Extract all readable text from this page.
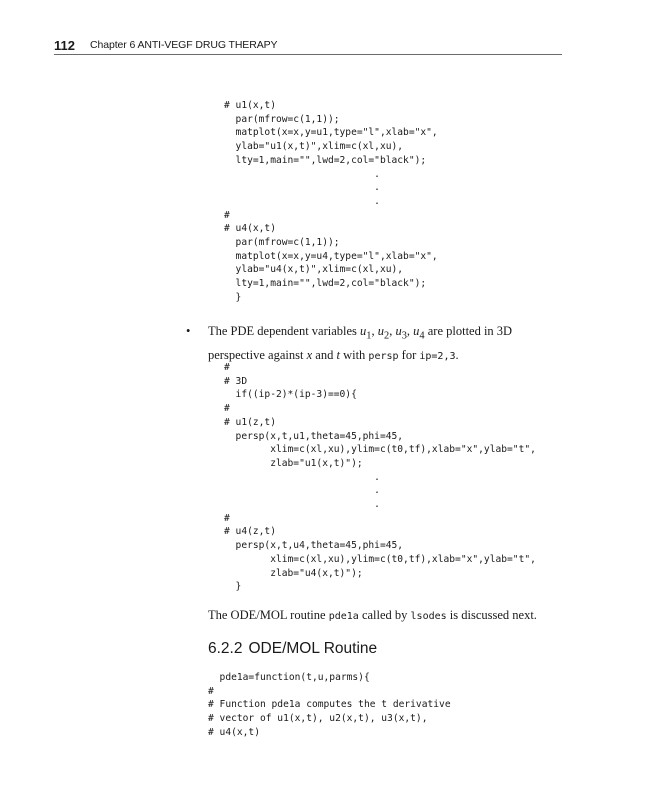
112 Chapter 6 ANTI-VEGF DRUG THERAPY
# u1(x,t)
par(mfrow=c(1,1));
matplot(x=x,y=u1,type="l",xlab="x",
ylab="u1(x,t)",xlim=c(xl,xu),
lty=1,main="",lwd=2,col="black");
.
.
.
#
# u4(x,t)
par(mfrow=c(1,1));
matplot(x=x,y=u4,type="l",xlab="x",
ylab="u4(x,t)",xlim=c(xl,xu),
lty=1,main="",lwd=2,col="black");
}
• The PDE dependent variables $u_1$, $u_2$, $u_3$, $u_4$ are plotted in 3D perspective against x and t with persp for ip=2,3.
#
# 3D
if((ip-2)*(ip-3)==0){
#
# u1(z,t)
persp(x,t,u1,theta=45,phi=45,
xlim=c(xl,xu),ylim=c(t0,tf),xlab="x",ylab="t",
zlab="u1(x,t)");
.
.
.
#
# u4(z,t)
persp(x,t,u4,theta=45,phi=45,
xlim=c(xl,xu),ylim=c(t0,tf),xlab="x",ylab="t",
zlab="u4(x,t)");
}
The ODE/MOL routine pde1a called by lsodes is discussed next.
6.2.2 ODE/MOL Routine
pde1a=function(t,u,parms){
#
# Function pde1a computes the t derivative
# vector of u1(x,t), u2(x,t), u3(x,t),
# u4(x,t)
